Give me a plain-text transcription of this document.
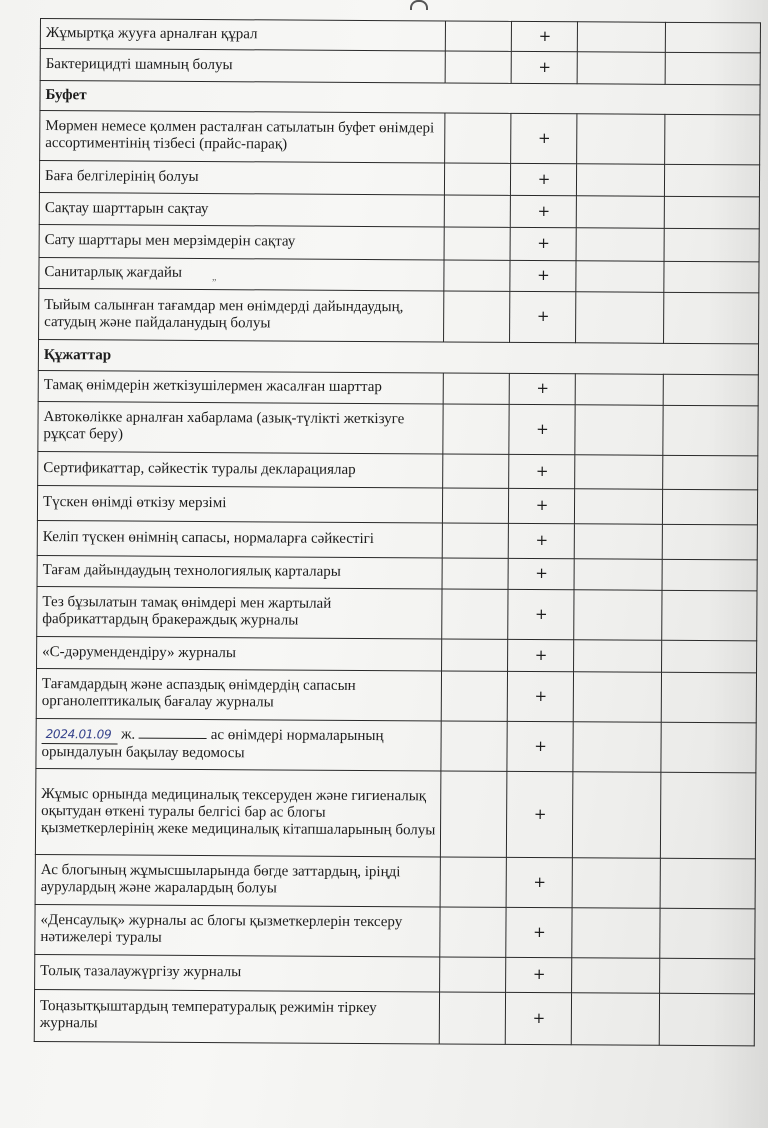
Жұмыртқа жууға арналған құрал		+		
Бактерицидті шамның болуы		+		
Буфет				
Мөрмен немесе қолмен расталған сатылатын буфет өнімдері ассортиментінің тізбесі (прайс-парақ)		+		
Баға белгілерінің болуы		+		
Сақтау шарттарын сақтау		+		
Сату шарттары мен мерзімдерін сақтау		+		
Санитарлық жағдайы $_„$		+		
Тыйым салынған тағамдар мен өнімдерді дайындаудың, сатудың және пайдаланудың болуы		+		
Құжаттар				
Тамақ өнімдерін жеткізушілермен жасалған шарттар		+		
Автокөлікке арналған хабарлама (азық-түлікті жеткізуге рұқсат беру)		+		
Сертификаттар, сәйкестік туралы декларациялар		+		
Түскен өнімді өткізу мерзімі		+		
Келіп түскен өнімнің сапасы, нормаларға сәйкестігі		+		
Тағам дайындаудың технологиялық карталары		+		
Тез бұзылатын тамақ өнімдері мен жартылай фабрикаттардың бракераждық журналы		+		
«С-дәрумендендіру» журналы		+		
Тағамдардың және аспаздық өнімдердің сапасын органолептикалық бағалау журналы		+		
2024.01.09 ж. ас өнімдері нормаларының орындалуын бақылау ведомосы		+		
Жұмыс орнында медициналық тексеруден және гигиеналық оқытудан өткені туралы белгісі бар ас блогы қызметкерлерінің жеке медициналық кітапшаларының болуы		+		
Ас блогының жұмысшыларында бөгде заттардың, іріңді аурулардың және жаралардың болуы		+		
«Денсаулық» журналы ас блогы қызметкерлерін тексеру нәтижелері туралы		+		
Толық тазалаужүргізу журналы		+		
Тоңазытқыштардың температуралық режимін тіркеу журналы		+		
